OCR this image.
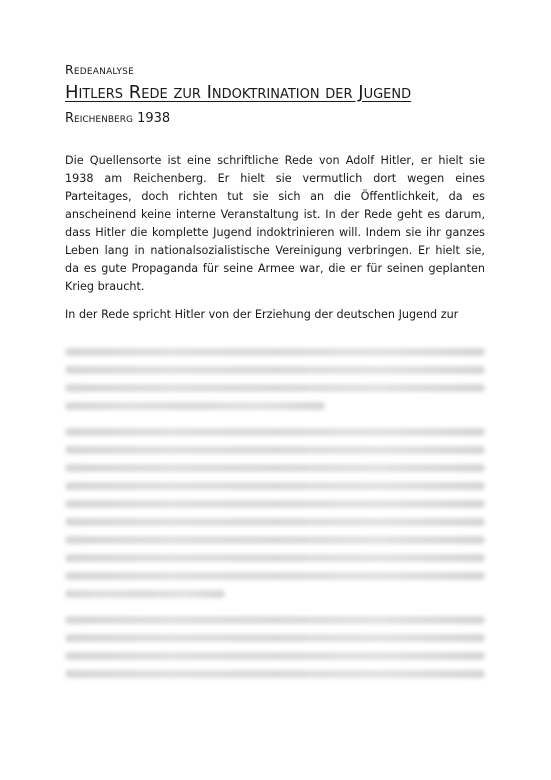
Redeanalyse
Hitlers Rede zur Indoktrination der Jugend
Reichenberg 1938

Die Quellensorte ist eine schriftliche Rede von Adolf Hitler, er hielt sie 1938 am Reichenberg. Er hielt sie vermutlich dort wegen eines Parteitages, doch richten tut sie sich an die Öffentlichkeit, da es anscheinend keine interne Veranstaltung ist. In der Rede geht es darum, dass Hitler die komplette Jugend indoktrinieren will. Indem sie ihr ganzes Leben lang in nationalsozialistische Vereinigung verbringen. Er hielt sie, da es gute Propaganda für seine Armee war, die er für seinen geplanten Krieg braucht.

In der Rede spricht Hitler von der Erziehung der deutschen Jugend zur
